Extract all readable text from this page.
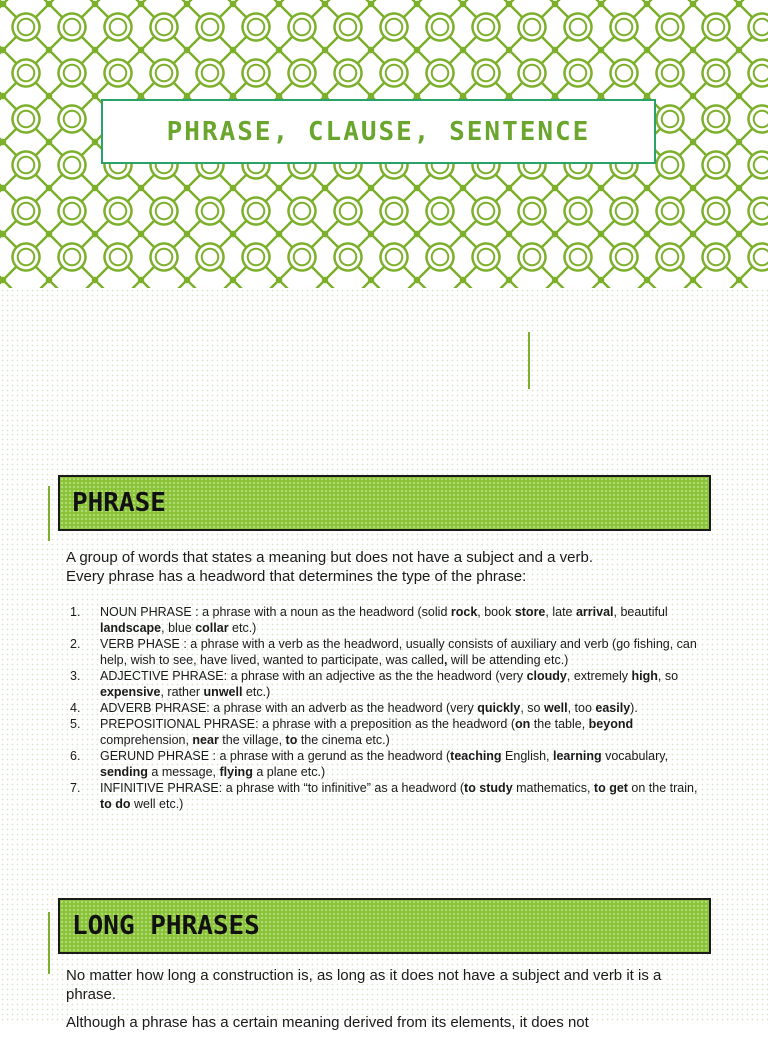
PHRASE, CLAUSE, SENTENCE
PHRASE
A group of words that states a meaning but does not have a subject and a verb.
Every phrase has a headword that determines the type of the phrase:
1. NOUN PHRASE : a phrase with a noun as the headword (solid rock, book store, late arrival, beautiful landscape, blue collar etc.)
2. VERB PHASE : a phrase with a verb as the headword, usually consists of auxiliary and verb (go fishing, can help, wish to see, have lived, wanted to participate, was called, will be attending etc.)
3. ADJECTIVE PHRASE: a phrase with an adjective as the the headword (very cloudy, extremely high, so expensive, rather unwell etc.)
4. ADVERB PHRASE: a phrase with an adverb as the headword (very quickly, so well, too easily).
5. PREPOSITIONAL PHRASE: a phrase with a preposition as the headword (on the table, beyond comprehension, near the village, to the cinema etc.)
6. GERUND PHRASE : a phrase with a gerund as the headword (teaching English, learning vocabulary, sending a message, flying a plane etc.)
7. INFINITIVE PHRASE: a phrase with “to infinitive” as a headword (to study mathematics, to get on the train, to do well etc.)
LONG PHRASES

No matter how long a construction is, as long as it does not have a subject and verb it is a phrase.

Although a phrase has a certain meaning derived from its elements, it does not
